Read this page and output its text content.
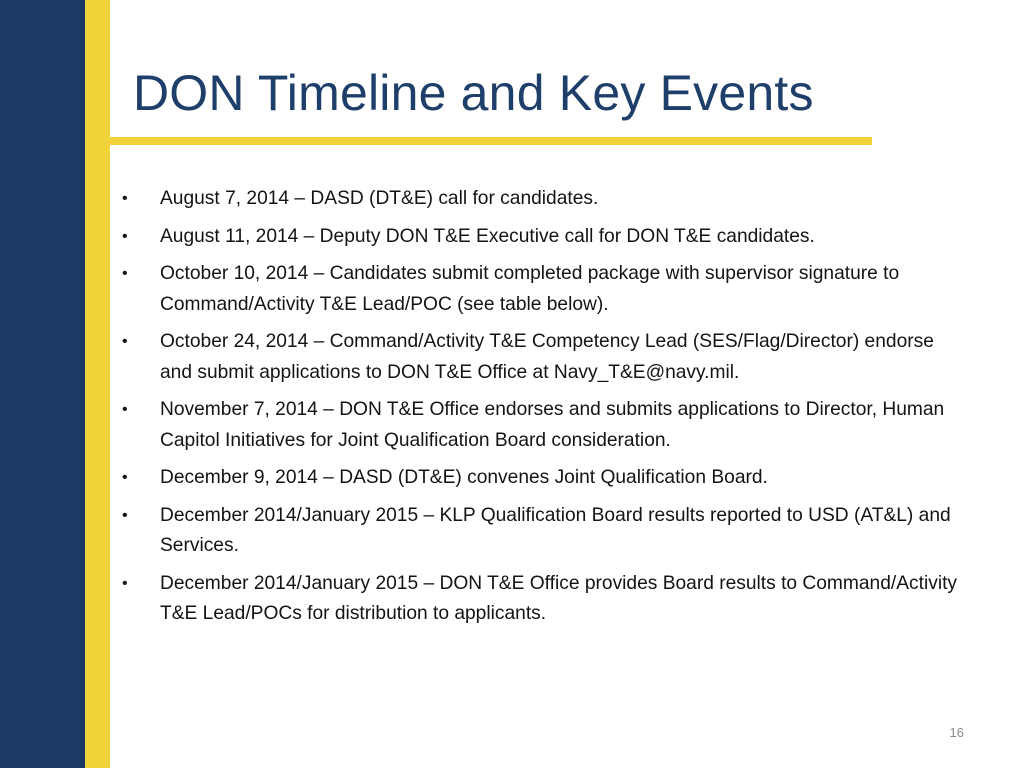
DON Timeline and Key Events
•	August 7, 2014 – DASD (DT&E) call for candidates.
•	August 11, 2014 – Deputy DON T&E Executive call for DON T&E candidates.
•	October 10, 2014 – Candidates submit completed package with supervisor signature to Command/Activity T&E Lead/POC (see table below).
•	October 24, 2014 – Command/Activity T&E Competency Lead (SES/Flag/Director) endorse and submit applications to DON T&E Office at Navy_T&E@navy.mil.
•	November 7, 2014 – DON T&E Office endorses and submits applications to Director, Human Capitol Initiatives for Joint Qualification Board consideration.
•	December 9, 2014 – DASD (DT&E) convenes Joint Qualification Board.
•	December 2014/January 2015 – KLP Qualification Board results reported to USD (AT&L) and Services.
•	December 2014/January 2015 – DON T&E Office provides Board results to Command/Activity T&E Lead/POCs for distribution to applicants.
16
